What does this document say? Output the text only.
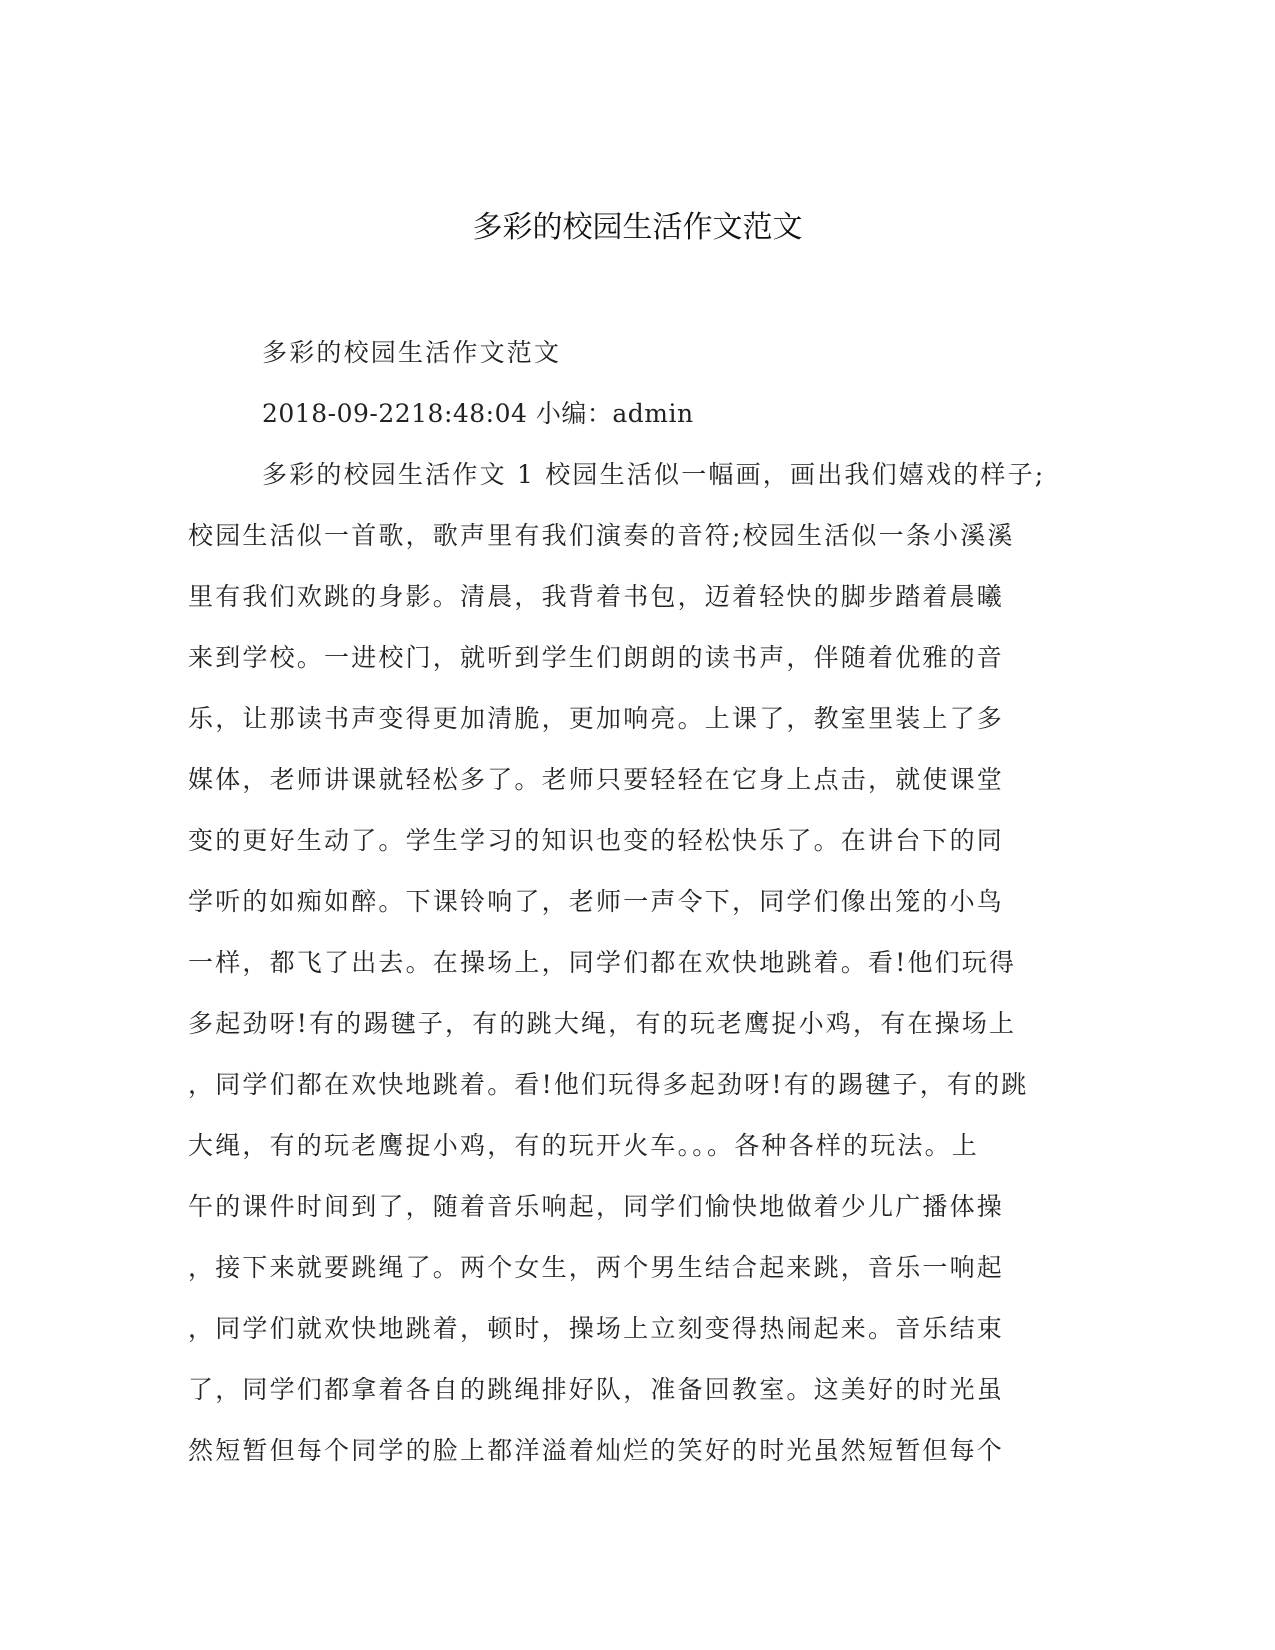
多彩的校园生活作文范文
多彩的校园生活作文范文
2018-09-2218:48:04 小编：admin
多彩的校园生活作文 1 校园生活似一幅画，画出我们嬉戏的样子;
校园生活似一首歌，歌声里有我们演奏的音符;校园生活似一条小溪溪
里有我们欢跳的身影。清晨，我背着书包，迈着轻快的脚步踏着晨曦
来到学校。一进校门，就听到学生们朗朗的读书声，伴随着优雅的音
乐，让那读书声变得更加清脆，更加响亮。上课了，教室里装上了多
媒体，老师讲课就轻松多了。老师只要轻轻在它身上点击，就使课堂
变的更好生动了。学生学习的知识也变的轻松快乐了。在讲台下的同
学听的如痴如醉。下课铃响了，老师一声令下，同学们像出笼的小鸟
一样，都飞了出去。在操场上，同学们都在欢快地跳着。看!他们玩得
多起劲呀!有的踢毽子，有的跳大绳，有的玩老鹰捉小鸡，有在操场上
，同学们都在欢快地跳着。看!他们玩得多起劲呀!有的踢毽子，有的跳
大绳，有的玩老鹰捉小鸡，有的玩开火车。。。各种各样的玩法。上
午的课件时间到了，随着音乐响起，同学们愉快地做着少儿广播体操
，接下来就要跳绳了。两个女生，两个男生结合起来跳，音乐一响起
，同学们就欢快地跳着，顿时，操场上立刻变得热闹起来。音乐结束
了，同学们都拿着各自的跳绳排好队，准备回教室。这美好的时光虽
然短暂但每个同学的脸上都洋溢着灿烂的笑好的时光虽然短暂但每个
